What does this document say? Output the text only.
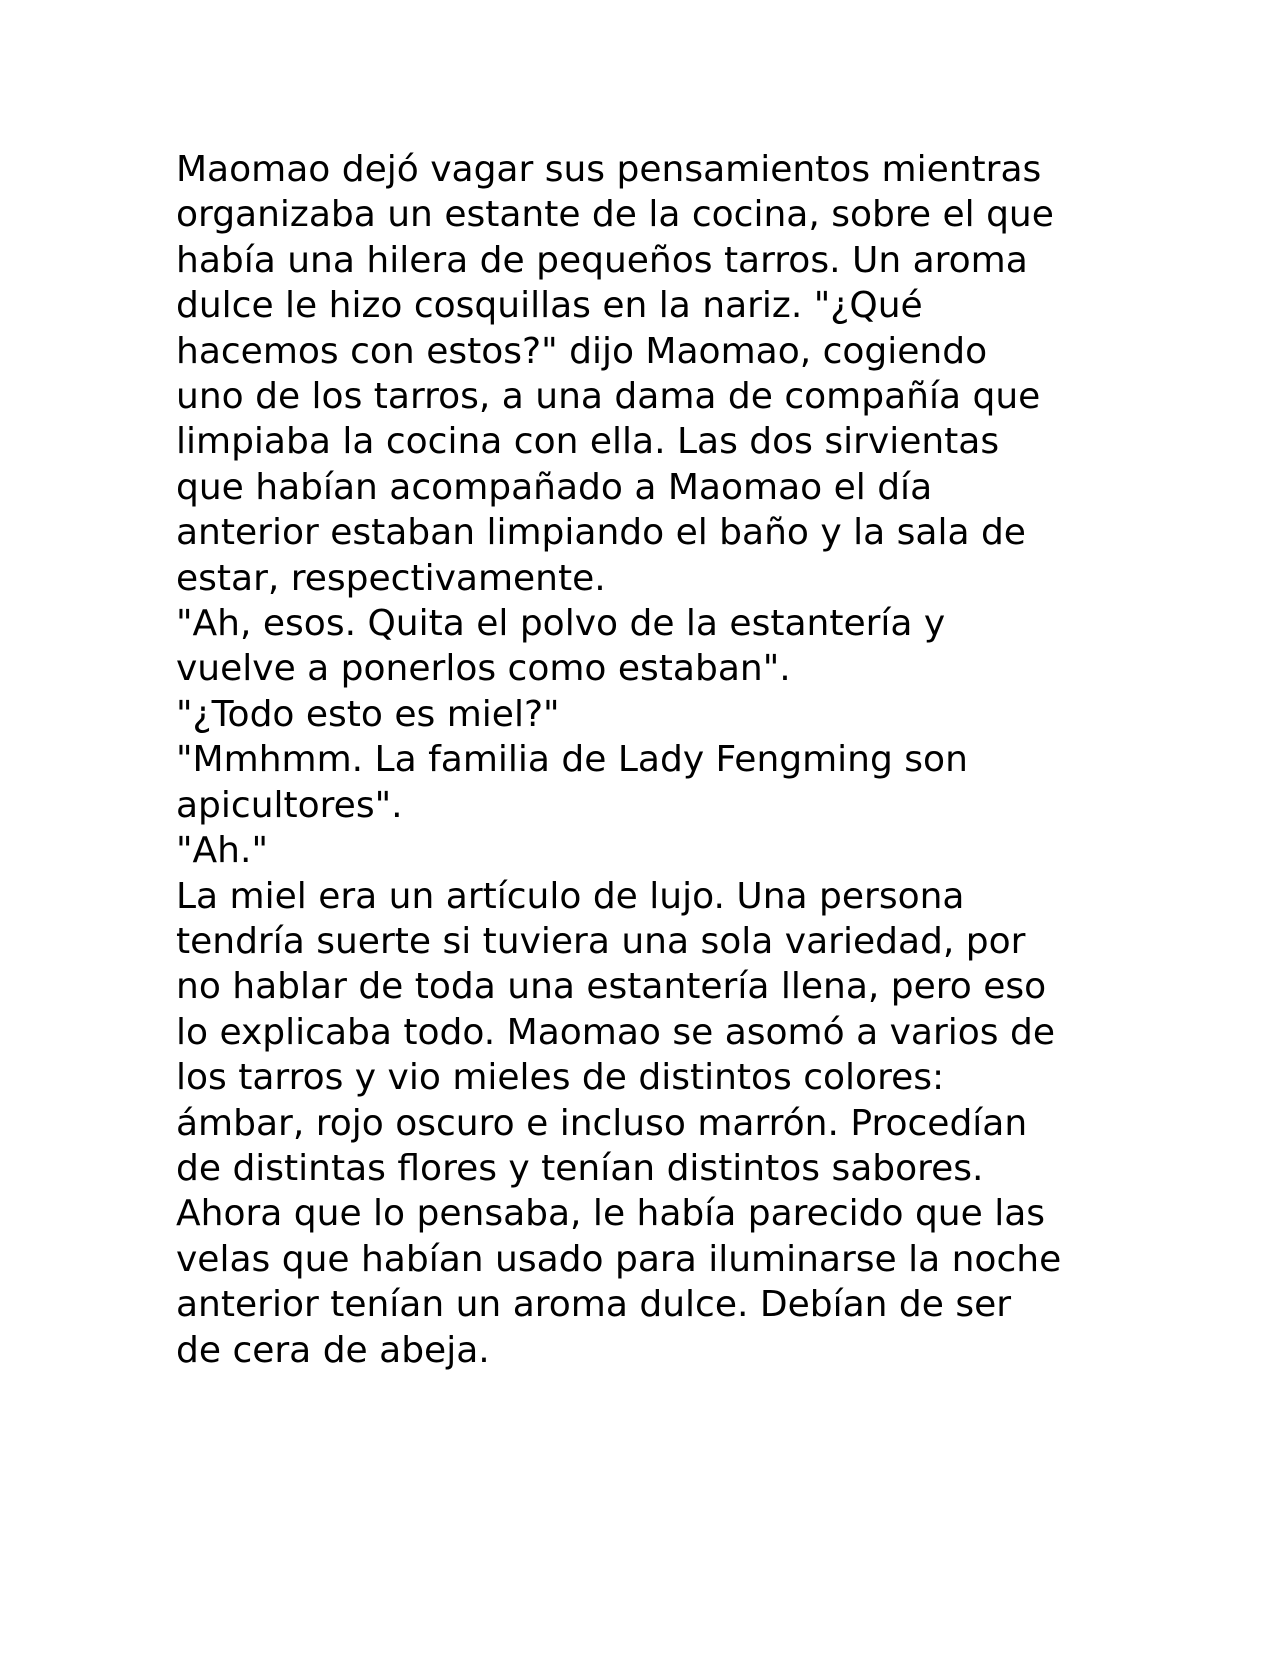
Maomao dejó vagar sus pensamientos mientras
organizaba un estante de la cocina, sobre el que
había una hilera de pequeños tarros. Un aroma
dulce le hizo cosquillas en la nariz. "¿Qué
hacemos con estos?" dijo Maomao, cogiendo
uno de los tarros, a una dama de compañía que
limpiaba la cocina con ella. Las dos sirvientas
que habían acompañado a Maomao el día
anterior estaban limpiando el baño y la sala de
estar, respectivamente.
"Ah, esos. Quita el polvo de la estantería y
vuelve a ponerlos como estaban".
"¿Todo esto es miel?"
"Mmhmm. La familia de Lady Fengming son
apicultores".
"Ah."
La miel era un artículo de lujo. Una persona
tendría suerte si tuviera una sola variedad, por
no hablar de toda una estantería llena, pero eso
lo explicaba todo. Maomao se asomó a varios de
los tarros y vio mieles de distintos colores:
ámbar, rojo oscuro e incluso marrón. Procedían
de distintas flores y tenían distintos sabores.
Ahora que lo pensaba, le había parecido que las
velas que habían usado para iluminarse la noche
anterior tenían un aroma dulce. Debían de ser
de cera de abeja.
